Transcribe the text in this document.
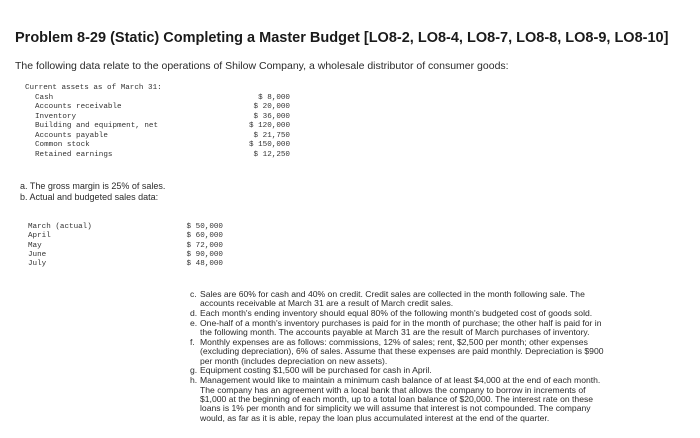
Problem 8-29 (Static) Completing a Master Budget [LO8-2, LO8-4, LO8-7, LO8-8, LO8-9, LO8-10]
The following data relate to the operations of Shilow Company, a wholesale distributor of consumer goods:
Current assets as of March 31:
Cash	$ 8,000
Accounts receivable	$ 20,000
Inventory	$ 36,000
Building and equipment, net	$ 120,000
Accounts payable	$ 21,750
Common stock	$ 150,000
Retained earnings	$ 12,250
a. The gross margin is 25% of sales.
b. Actual and budgeted sales data:
March (actual)	$ 50,000
April	$ 60,000
May	$ 72,000
June	$ 90,000
July	$ 48,000
c. Sales are 60% for cash and 40% on credit. Credit sales are collected in the month following sale. The accounts receivable at March 31 are a result of March credit sales.
d. Each month's ending inventory should equal 80% of the following month's budgeted cost of goods sold.
e. One-half of a month's inventory purchases is paid for in the month of purchase; the other half is paid for in the following month. The accounts payable at March 31 are the result of March purchases of inventory.
f. Monthly expenses are as follows: commissions, 12% of sales; rent, $2,500 per month; other expenses (excluding depreciation), 6% of sales. Assume that these expenses are paid monthly. Depreciation is $900 per month (includes depreciation on new assets).
g. Equipment costing $1,500 will be purchased for cash in April.
h. Management would like to maintain a minimum cash balance of at least $4,000 at the end of each month. The company has an agreement with a local bank that allows the company to borrow in increments of $1,000 at the beginning of each month, up to a total loan balance of $20,000. The interest rate on these loans is 1% per month and for simplicity we will assume that interest is not compounded. The company would, as far as it is able, repay the loan plus accumulated interest at the end of the quarter.
